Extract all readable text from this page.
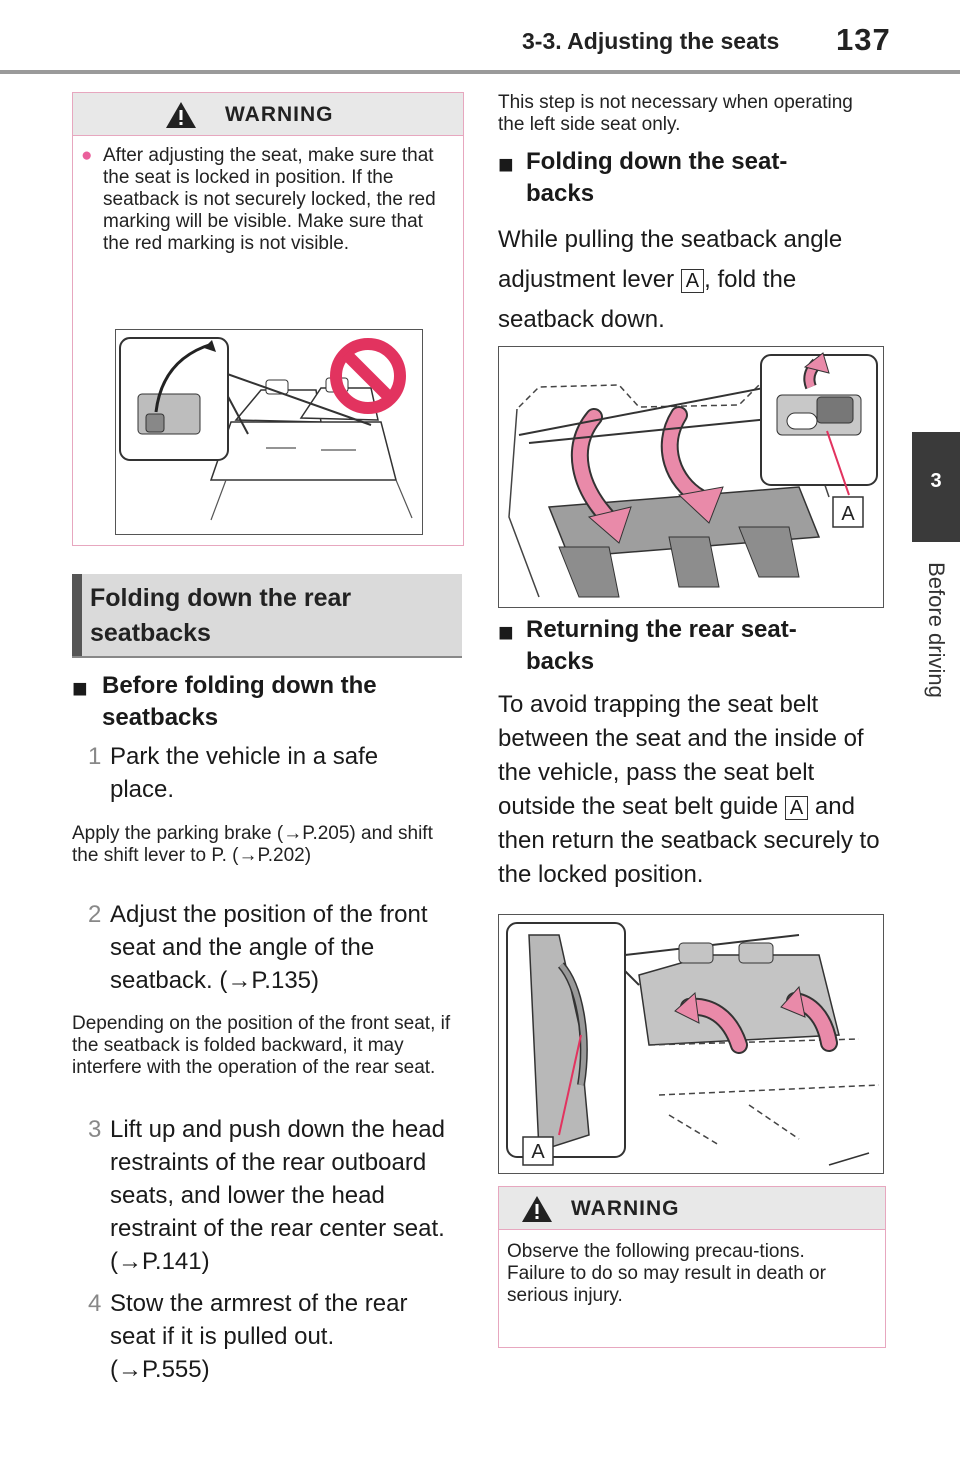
3-3. Adjusting the seats 137
3
Before driving
WARNING
● After adjusting the seat, make sure that the seat is locked in position. If the seatback is not securely locked, the red marking will be visible. Make sure that the red marking is not visible.
Folding down the rear seatbacks
■ Before folding down the seatbacks
1 Park the vehicle in a safe place.
Apply the parking brake (→P.205) and shift the shift lever to P. (→P.202)
2 Adjust the position of the front seat and the angle of the seatback. (→P.135)
Depending on the position of the front seat, if the seatback is folded backward, it may interfere with the operation of the rear seat.
3 Lift up and push down the head restraints of the rear outboard seats, and lower the head restraint of the rear center seat. (→P.141)
4 Stow the armrest of the rear seat if it is pulled out. (→P.555)
This step is not necessary when operating the left side seat only.
■ Folding down the seat-backs
While pulling the seatback angle adjustment lever A , fold the seatback down.
A
■ Returning the rear seat-backs
To avoid trapping the seat belt between the seat and the inside of the vehicle, pass the seat belt outside the seat belt guide A and then return the seatback securely to the locked position.
A
WARNING
Observe the following precau-tions. Failure to do so may result in death or serious injury.
